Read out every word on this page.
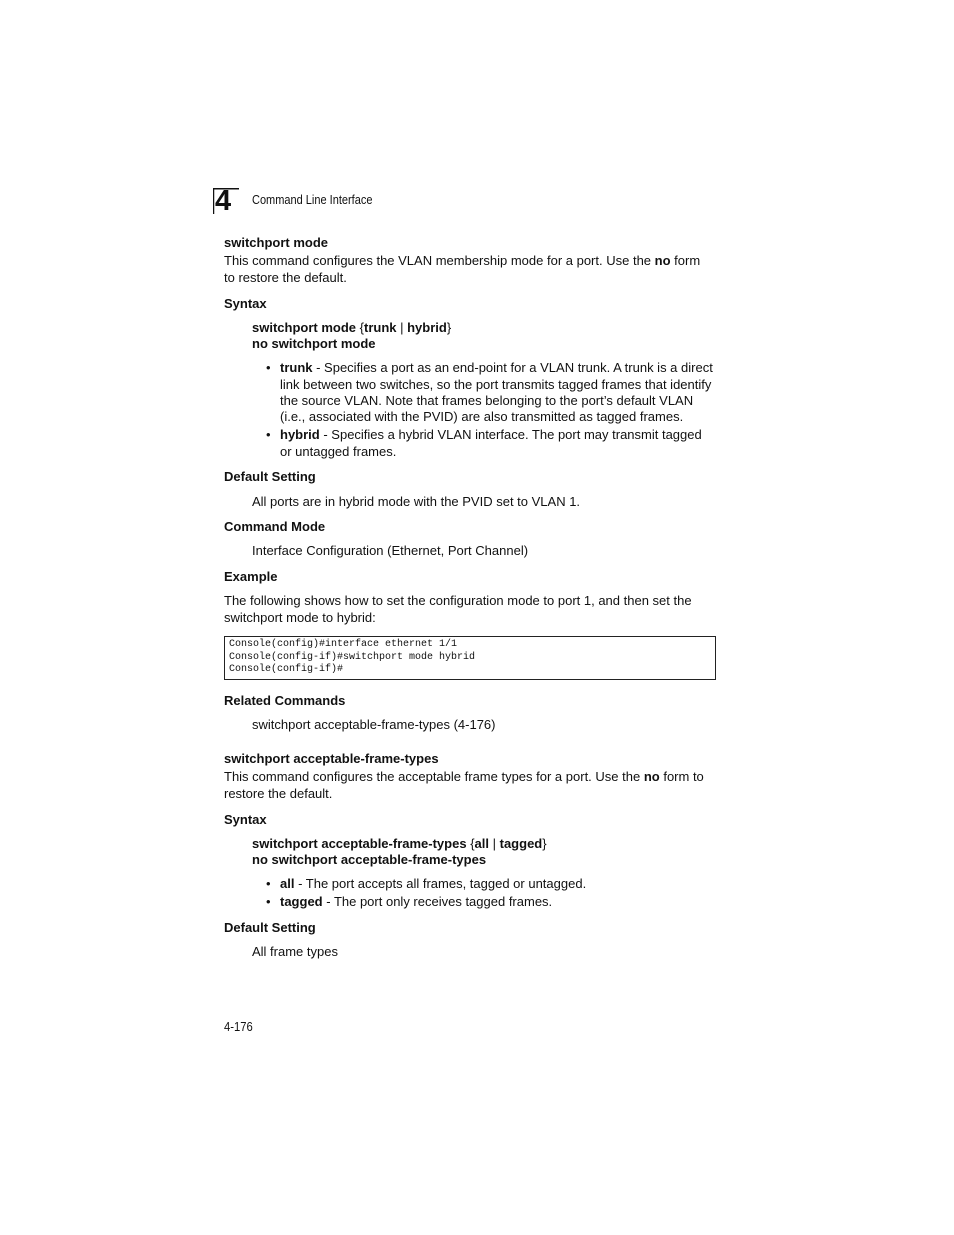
4 Command Line Interface
switchport mode
This command configures the VLAN membership mode for a port. Use the no form
to restore the default.
Syntax
switchport mode {trunk | hybrid}
no switchport mode
• trunk - Specifies a port as an end-point for a VLAN trunk. A trunk is a direct
link between two switches, so the port transmits tagged frames that identify
the source VLAN. Note that frames belonging to the port’s default VLAN
(i.e., associated with the PVID) are also transmitted as tagged frames.
• hybrid - Specifies a hybrid VLAN interface. The port may transmit tagged
or untagged frames.
Default Setting
All ports are in hybrid mode with the PVID set to VLAN 1.
Command Mode
Interface Configuration (Ethernet, Port Channel)
Example
The following shows how to set the configuration mode to port 1, and then set the
switchport mode to hybrid:
Console(config)#interface ethernet 1/1
Console(config-if)#switchport mode hybrid
Console(config-if)#
Related Commands
switchport acceptable-frame-types (4-176)
switchport acceptable-frame-types
This command configures the acceptable frame types for a port. Use the no form to
restore the default.
Syntax
switchport acceptable-frame-types {all | tagged}
no switchport acceptable-frame-types
• all - The port accepts all frames, tagged or untagged.
• tagged - The port only receives tagged frames.
Default Setting
All frame types
4-176
